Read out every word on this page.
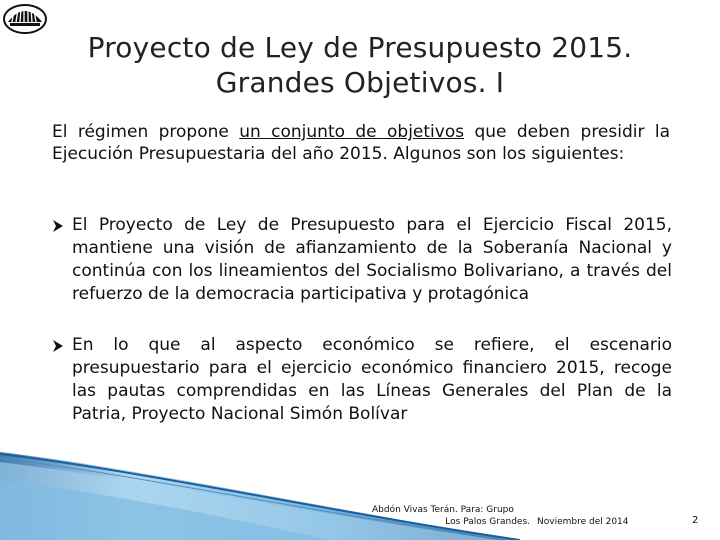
Proyecto de Ley de Presupuesto 2015.
Grandes Objetivos. I
El régimen propone un conjunto de objetivos que deben presidir la Ejecución Presupuestaria del año 2015. Algunos son los siguientes:
El Proyecto de Ley de Presupuesto para el Ejercicio Fiscal 2015, mantiene una visión de afianzamiento de la Soberanía Nacional y continúa con los lineamientos del Socialismo Bolivariano, a través del refuerzo de la democracia participativa y protagónica
En lo que al aspecto económico se refiere, el escenario presupuestario para el ejercicio económico financiero 2015, recoge las pautas comprendidas en las Líneas Generales del Plan de la Patria, Proyecto Nacional Simón Bolívar
Abdón Vivas Terán. Para: Grupo
Los Palos Grandes. Noviembre del 2014	2
